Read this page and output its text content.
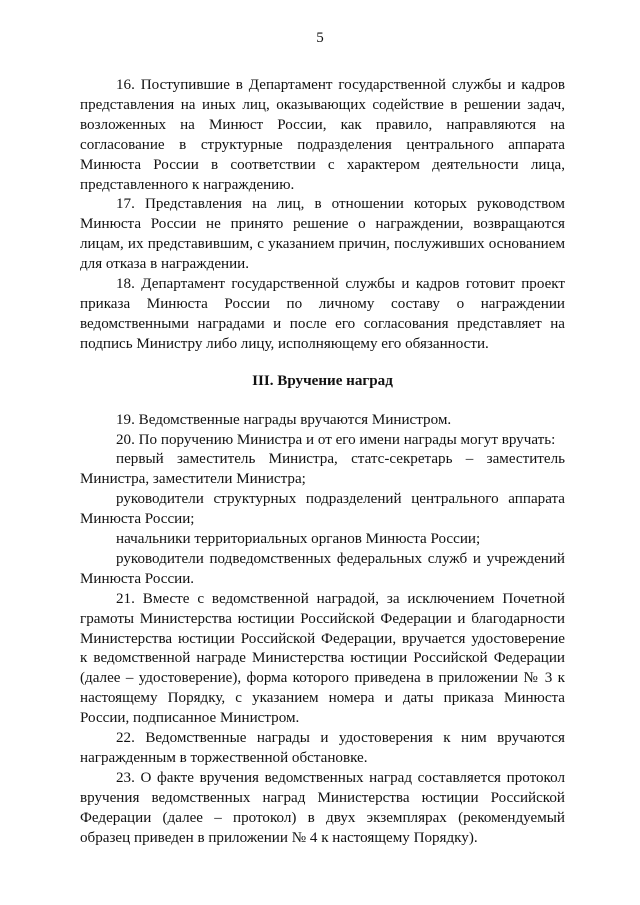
5

16. Поступившие в Департамент государственной службы и кадров представления на иных лиц, оказывающих содействие в решении задач, возложенных на Минюст России, как правило, направляются на согласование в структурные подразделения центрального аппарата Минюста России в соответствии с характером деятельности лица, представленного к награждению.

17. Представления на лиц, в отношении которых руководством Минюста России не принято решение о награждении, возвращаются лицам, их представившим, с указанием причин, послуживших основанием для отказа в награждении.

18. Департамент государственной службы и кадров готовит проект приказа Минюста России по личному составу о награждении ведомственными наградами и после его согласования представляет на подпись Министру либо лицу, исполняющему его обязанности.

III. Вручение наград

19. Ведомственные награды вручаются Министром.

20. По поручению Министра и от его имени награды могут вручать:

первый заместитель Министра, статс-секретарь – заместитель Министра, заместители Министра;

руководители структурных подразделений центрального аппарата Минюста России;

начальники территориальных органов Минюста России;

руководители подведомственных федеральных служб и учреждений Минюста России.

21. Вместе с ведомственной наградой, за исключением Почетной грамоты Министерства юстиции Российской Федерации и благодарности Министерства юстиции Российской Федерации, вручается удостоверение к ведомственной награде Министерства юстиции Российской Федерации (далее – удостоверение), форма которого приведена в приложении № 3 к настоящему Порядку, с указанием номера и даты приказа Минюста России, подписанное Министром.

22. Ведомственные награды и удостоверения к ним вручаются награжденным в торжественной обстановке.

23. О факте вручения ведомственных наград составляется протокол вручения ведомственных наград Министерства юстиции Российской Федерации (далее – протокол) в двух экземплярах (рекомендуемый образец приведен в приложении № 4 к настоящему Порядку).
